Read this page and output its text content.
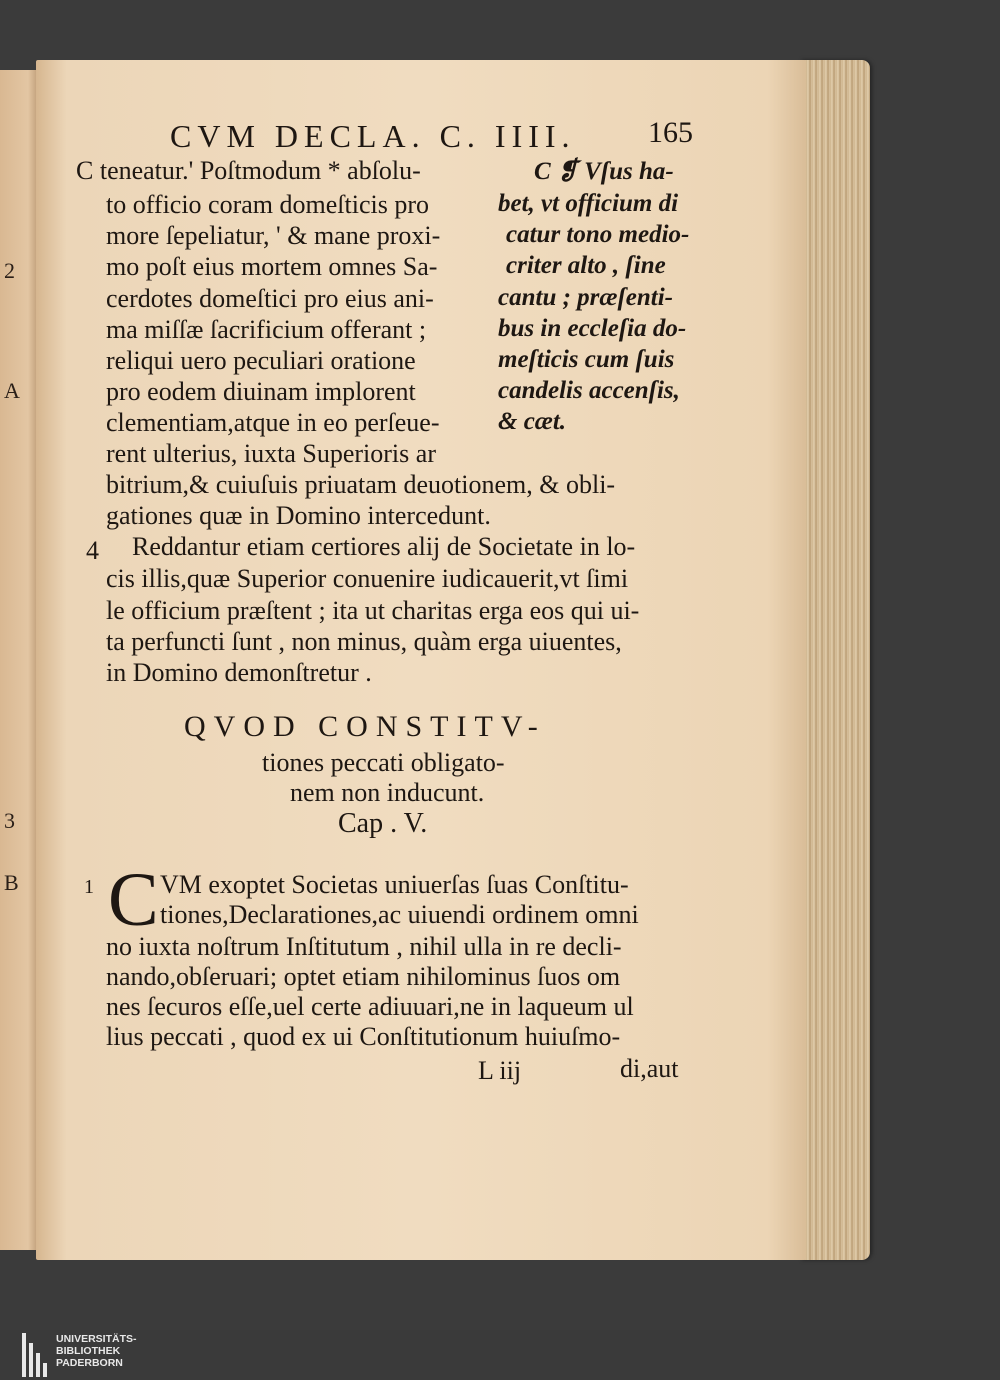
2
A
3
B
CVM DECLA. C. IIII. 165
C teneatur.' Poſtmodum * abſolu-
to officio coram domeſticis pro
more ſepeliatur, ' & mane proxi-
mo poſt eius mortem omnes Sa-
cerdotes domeſtici pro eius ani-
ma miſſæ ſacrificium offerant ;
reliqui uero peculiari oratione
pro eodem diuinam implorent
clementiam,atque in eo perſeue-
rent ulterius, iuxta Superioris ar
C ❡ Vſus ha-
bet, vt officium di
catur tono medio-
criter alto , ſine
cantu ; præſenti-
bus in eccleſia do-
meſticis cum ſuis
candelis accenſis,
& cæt.
bitrium,& cuiuſuis priuatam deuotionem, & obli-
gationes quæ in Domino intercedunt.
4 Reddantur etiam certiores alij de Societate in lo-
cis illis,quæ Superior conuenire iudicauerit,vt ſimi
le officium præſtent ; ita ut charitas erga eos qui ui-
ta perfuncti ſunt , non minus, quàm erga uiuentes,
in Domino demonſtretur .
QVOD CONSTITV-
tiones peccati obligato-
nem non inducunt.
Cap . V.
1 C VM exoptet Societas uniuerſas ſuas Conſtitu-
tiones,Declarationes,ac uiuendi ordinem omni
no iuxta noſtrum Inſtitutum , nihil ulla in re decli-
nando,obſeruari; optet etiam nihilominus ſuos om
nes ſecuros eſſe,uel certe adiuuari,ne in laqueum ul
lius peccati , quod ex ui Conſtitutionum huiuſmo-
L iij	di,aut
UNIVERSITÄTS-
BIBLIOTHEK
PADERBORN
